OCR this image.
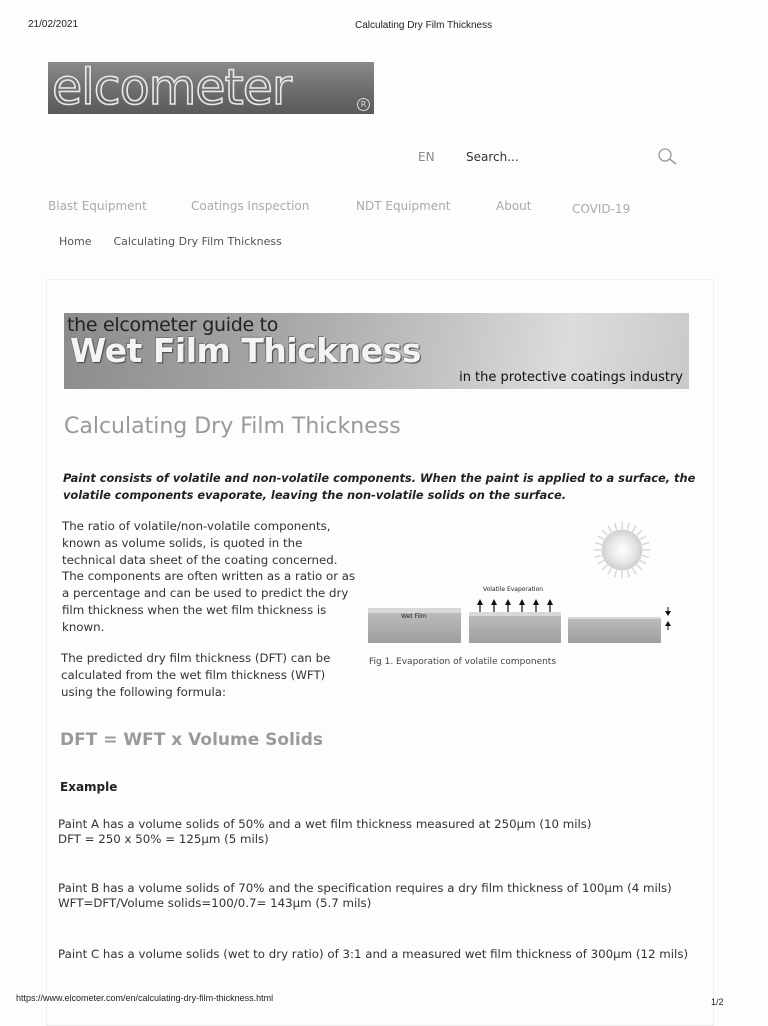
21/02/2021	Calculating Dry Film Thickness
elcometer	R
EN	Search...
Blast Equipment	Coatings Inspection	NDT Equipment	About	COVID-19
Home Calculating Dry Film Thickness
the elcometer guide to
Wet Film Thickness
in the protective coatings industry
Calculating Dry Film Thickness
Paint consists of volatile and non-volatile components. When the paint is applied to a surface, the volatile components evaporate, leaving the non-volatile solids on the surface.
The ratio of volatile/non-volatile components, known as volume solids, is quoted in the technical data sheet of the coating concerned. The components are often written as a ratio or as a percentage and can be used to predict the dry film thickness when the wet film thickness is known.
The predicted dry film thickness (DFT) can be calculated from the wet film thickness (WFT) using the following formula:
Wet Film
Volatile Evaporation
Fig 1. Evaporation of volatile components
DFT = WFT x Volume Solids
Example
Paint A has a volume solids of 50% and a wet film thickness measured at 250µm (10 mils)
DFT = 250 x 50% = 125µm (5 mils)
Paint B has a volume solids of 70% and the specification requires a dry film thickness of 100µm (4 mils)
WFT=DFT/Volume solids=100/0.7= 143µm (5.7 mils)
Paint C has a volume solids (wet to dry ratio) of 3:1 and a measured wet film thickness of 300µm (12 mils)
https://www.elcometer.com/en/calculating-dry-film-thickness.html	1/2
